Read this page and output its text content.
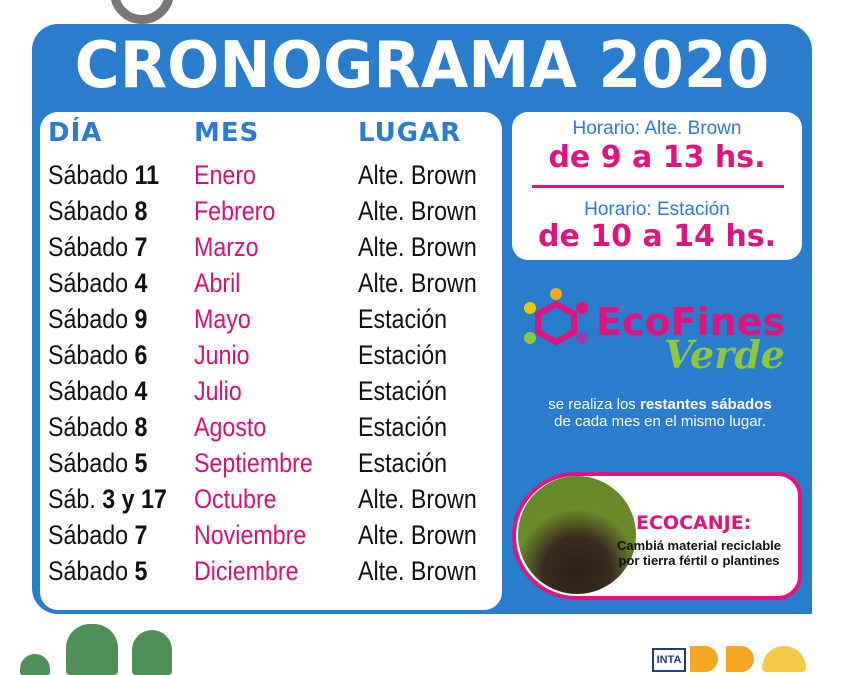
CRONOGRAMA 2020
DÍA	MES	LUGAR
Sábado 11 Enero	Alte. Brown
Sábado 8 Febrero	Alte. Brown
Sábado 7 Marzo	Alte. Brown
Sábado 4 Abril	Alte. Brown
Sábado 9 Mayo	Estación
Sábado 6 Junio	Estación
Sábado 4 Julio	Estación
Sábado 8 Agosto	Estación
Sábado 5 Septiembre Estación
Sáb. 3 y 17 Octubre	Alte. Brown
Sábado 7 Noviembre Alte. Brown
Sábado 5 Diciembre Alte. Brown
Horario: Alte. Brown
de 9 a 13 hs.
Horario: Estación
de 10 a 14 hs.
EcoFines
Verde
se realiza los restantes sábados
de cada mes en el mismo lugar.
ECOCANJE:
Cambiá material reciclable por tierra fértil o plantines
INTA
